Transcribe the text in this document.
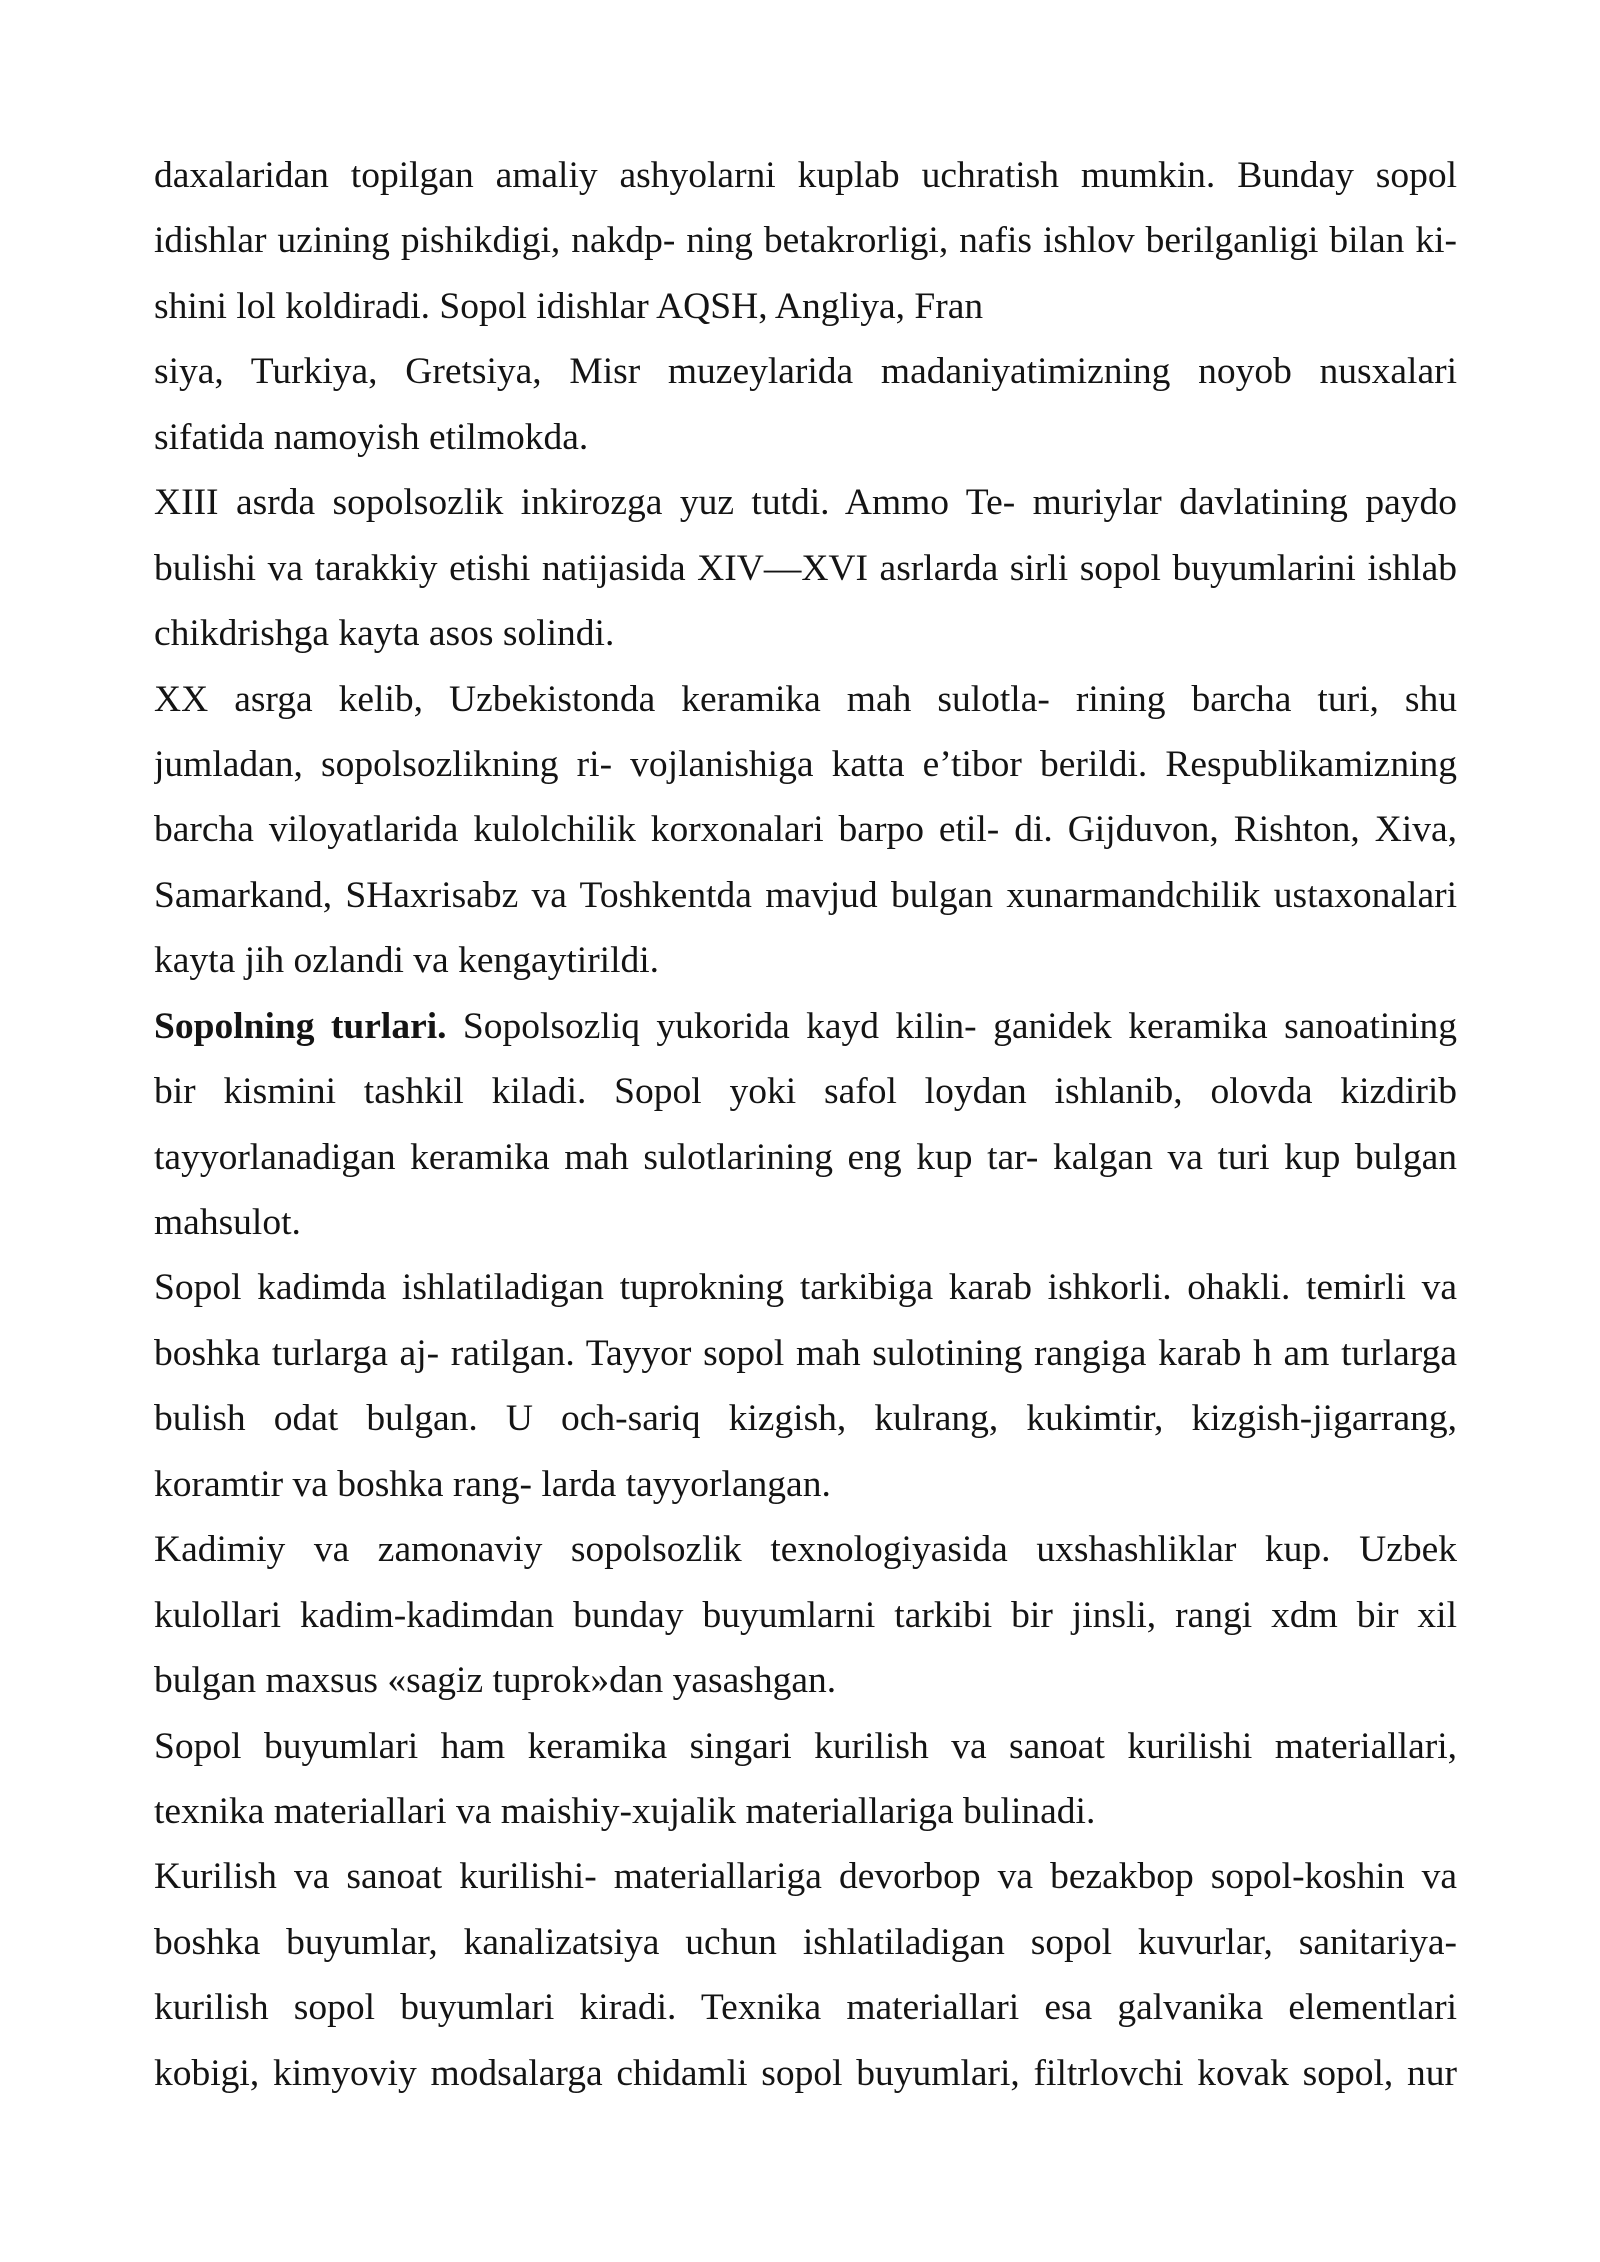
daxalaridan topilgan amaliy ashyolarni kuplab uchratish mumkin. Bunday sopol
idishlar uzining pishikdigi, nakdp- ning betakrorligi, nafis ishlov berilganligi bilan ki-
shini lol koldiradi. Sopol idishlar AQSH, Angliya, Fran
siya, Turkiya, Gretsiya, Misr muzeylarida madaniyatimizning noyob nusxalari
sifatida namoyish etilmokda.
XIII asrda sopolsozlik inkirozga yuz tutdi. Ammo Te- muriylar davlatining paydo
bulishi va tarakkiy etishi natijasida XIV—XVI asrlarda sirli sopol buyumlarini ishlab
chikdrishga kayta asos solindi.
XX asrga kelib, Uzbekistonda keramika mah sulotla- rining barcha turi, shu
jumladan, sopolsozlikning ri- vojlanishiga katta e’tibor berildi. Respublikamizning
barcha viloyatlarida kulolchilik korxonalari barpo etil- di. Gijduvon, Rishton, Xiva,
Samarkand, SHaxrisabz va Toshkentda mavjud bulgan xunarmandchilik ustaxonalari
kayta jih ozlandi va kengaytirildi.
Sopolning turlari. Sopolsozliq yukorida kayd kilin- ganidek keramika sanoatining
bir kismini tashkil kiladi. Sopol yoki safol loydan ishlanib, olovda kizdirib
tayyorlanadigan keramika mah sulotlarining eng kup tar- kalgan va turi kup bulgan
mahsulot.
Sopol kadimda ishlatiladigan tuprokning tarkibiga karab ishkorli. ohakli. temirli va
boshka turlarga aj- ratilgan. Tayyor sopol mah sulotining rangiga karab h am turlarga
bulish odat bulgan. U och-sariq kizgish, kulrang, kukimtir, kizgish-jigarrang,
koramtir va boshka rang- larda tayyorlangan.
Kadimiy va zamonaviy sopolsozlik texnologiyasida uxshashliklar kup. Uzbek
kulollari kadim-kadimdan bunday buyumlarni tarkibi bir jinsli, rangi xdm bir xil
bulgan maxsus «sagiz tuprok»dan yasashgan.
Sopol buyumlari ham keramika singari kurilish va sanoat kurilishi materiallari,
texnika materiallari va maishiy-xujalik materiallariga bulinadi.
Kurilish va sanoat kurilishi- materiallariga devorbop va bezakbop sopol-koshin va
boshka buyumlar, kanalizatsiya uchun ishlatiladigan sopol kuvurlar, sanitariya-
kurilish sopol buyumlari kiradi. Texnika materiallari esa galvanika elementlari
kobigi, kimyoviy modsalarga chidamli sopol buyumlari, filtrlovchi kovak sopol, nur
